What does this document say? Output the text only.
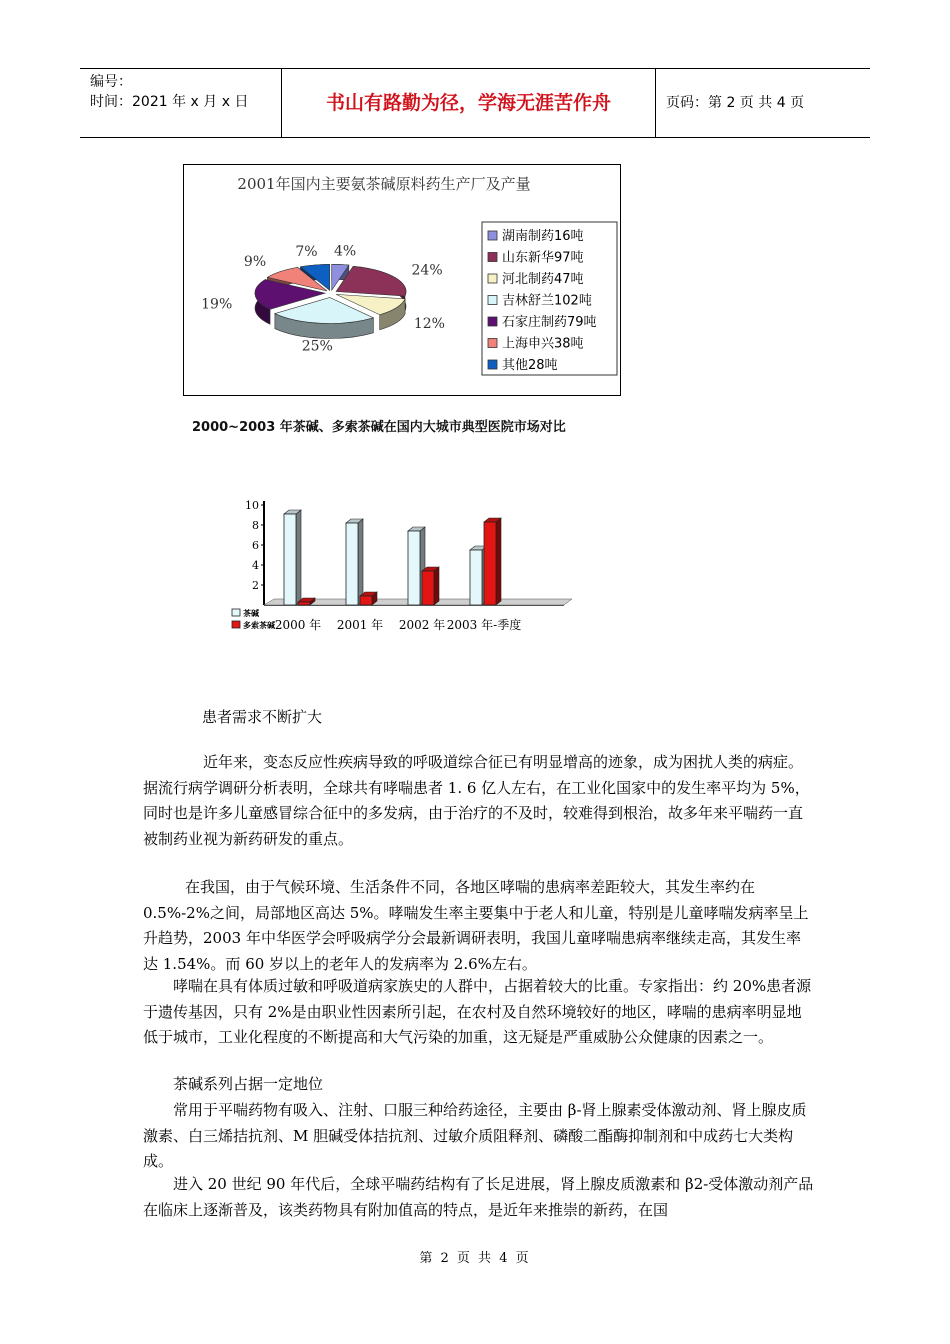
编号：
时间：2021 年 x 月 x 日	书山有路勤为径，学海无涯苦作舟	页码：第 2 页 共 4 页
2001年国内主要氨茶碱原料药生产厂及产量
4%
24%
12%
25%
19%
9%
7%
湖南制药16吨
山东新华97吨
河北制药47吨
吉林舒兰102吨
石家庄制药79吨
上海申兴38吨
其他28吨
2000~2003 年茶碱、多索茶碱在国内大城市典型医院市场对比
2
4
6
8
10
2000 年 2001 年 2002 年 2003 年-季度
茶碱
多索茶碱
患者需求不断扩大

近年来，变态反应性疾病导致的呼吸道综合征已有明显增高的迹象，成为困扰人类的病症。据流行病学调研分析表明，全球共有哮喘患者 1. 6 亿人左右，在工业化国家中的发生率平均为 5%，同时也是许多儿童感冒综合征中的多发病，由于治疗的不及时，较难得到根治，故多年来平喘药一直被制药业视为新药研发的重点。

在我国，由于气候环境、生活条件不同，各地区哮喘的患病率差距较大，其发生率约在 0.5%-2%之间，局部地区高达 5%。哮喘发生率主要集中于老人和儿童，特别是儿童哮喘发病率呈上升趋势，2003 年中华医学会呼吸病学分会最新调研表明，我国儿童哮喘患病率继续走高，其发生率达 1.54%。而 60 岁以上的老年人的发病率为 2.6%左右。

哮喘在具有体质过敏和呼吸道病家族史的人群中，占据着较大的比重。专家指出：约 20%患者源于遗传基因，只有 2%是由职业性因素所引起，在农村及自然环境较好的地区，哮喘的患病率明显地低于城市，工业化程度的不断提高和大气污染的加重，这无疑是严重威胁公众健康的因素之一。

茶碱系列占据一定地位

常用于平喘药物有吸入、注射、口服三种给药途径，主要由 β-肾上腺素受体激动剂、肾上腺皮质激素、白三烯拮抗剂、M 胆碱受体拮抗剂、过敏介质阻释剂、磷酸二酯酶抑制剂和中成药七大类构成。

进入 20 世纪 90 年代后，全球平喘药结构有了长足进展，肾上腺皮质激素和 β2-受体激动剂产品在临床上逐渐普及，该类药物具有附加值高的特点，是近年来推崇的新药，在国

第 2 页 共 4 页
